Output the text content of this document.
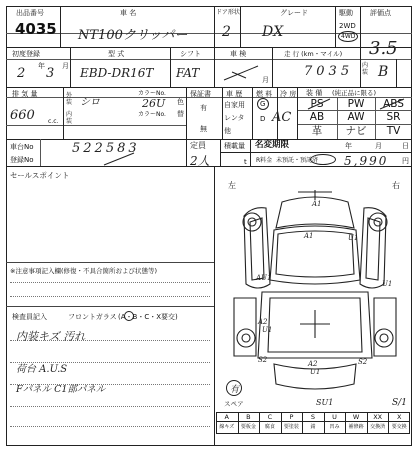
出品番号
4035
車 名
NT100クリッパー
ドア形状
2
グレード
DX
駆動
2WD
4WD
評価点
3.5
初度登録
年 月
2 3
型 式
EBD-DR16T
シフト
FAT
車 検
月
走 行 (km・マイル)
7035 内装 B
排 気 量
660 c.c.
外装
内装
シロ
カラーNo.
26U
カラーNo.
色替
保証書
有
無
車 歴
自家用
レンタ
他
燃 料
G
D
冷 房
AC
装 備 (純正品に限る)
PS	PW	ABS
AB	AW	SR
革	ナビ	TV
車台No	522583
登録No
定員
2人
積載量
t
名変期限	年	月	日
R料金 未預託・預託済 5,990 円
セールスポイント
※注意事項記入欄(修復・不具合箇所および状態等)
検査員記入	フロントガラス (A・B・C・X要交)
内装キズ 汚れ
荷台 A.U.S
Fパネル C1部パネル
左	右
A1
A1	U1
AU1
U1
A2
U1
A2
U1
S2	S2
SU1	S/1
有
スペア
A
線キズ
B
要板金
C
腐食
P
要塗装
S
錆
U
凹み
W
補修跡
XX
交換済
X
要交換
